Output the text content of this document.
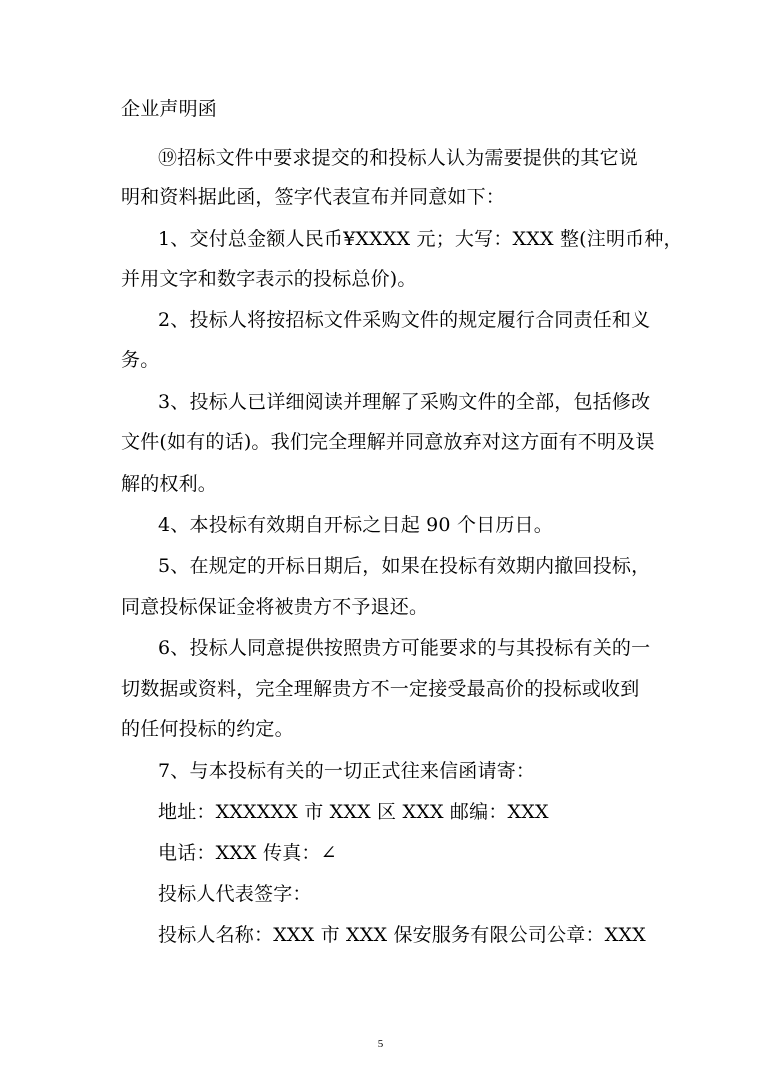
企业声明函
⑲招标文件中要求提交的和投标人认为需要提供的其它说
明和资料据此函，签字代表宣布并同意如下：
1、交付总金额人民币¥XXXX 元；大写：XXX 整(注明币种，
并用文字和数字表示的投标总价)。
2、投标人将按招标文件采购文件的规定履行合同责任和义
务。
3、投标人已详细阅读并理解了采购文件的全部，包括修改
文件(如有的话)。我们完全理解并同意放弃对这方面有不明及误
解的权利。
4、本投标有效期自开标之日起 90 个日历日。
5、在规定的开标日期后，如果在投标有效期内撤回投标，
同意投标保证金将被贵方不予退还。
6、投标人同意提供按照贵方可能要求的与其投标有关的一
切数据或资料，完全理解贵方不一定接受最高价的投标或收到
的任何投标的约定。
7、与本投标有关的一切正式往来信函请寄：
地址：XXXXXX 市 XXX 区 XXX 邮编：XXX
电话：XXX 传真：∠
投标人代表签字：
投标人名称：XXX 市 XXX 保安服务有限公司公章：XXX
5
